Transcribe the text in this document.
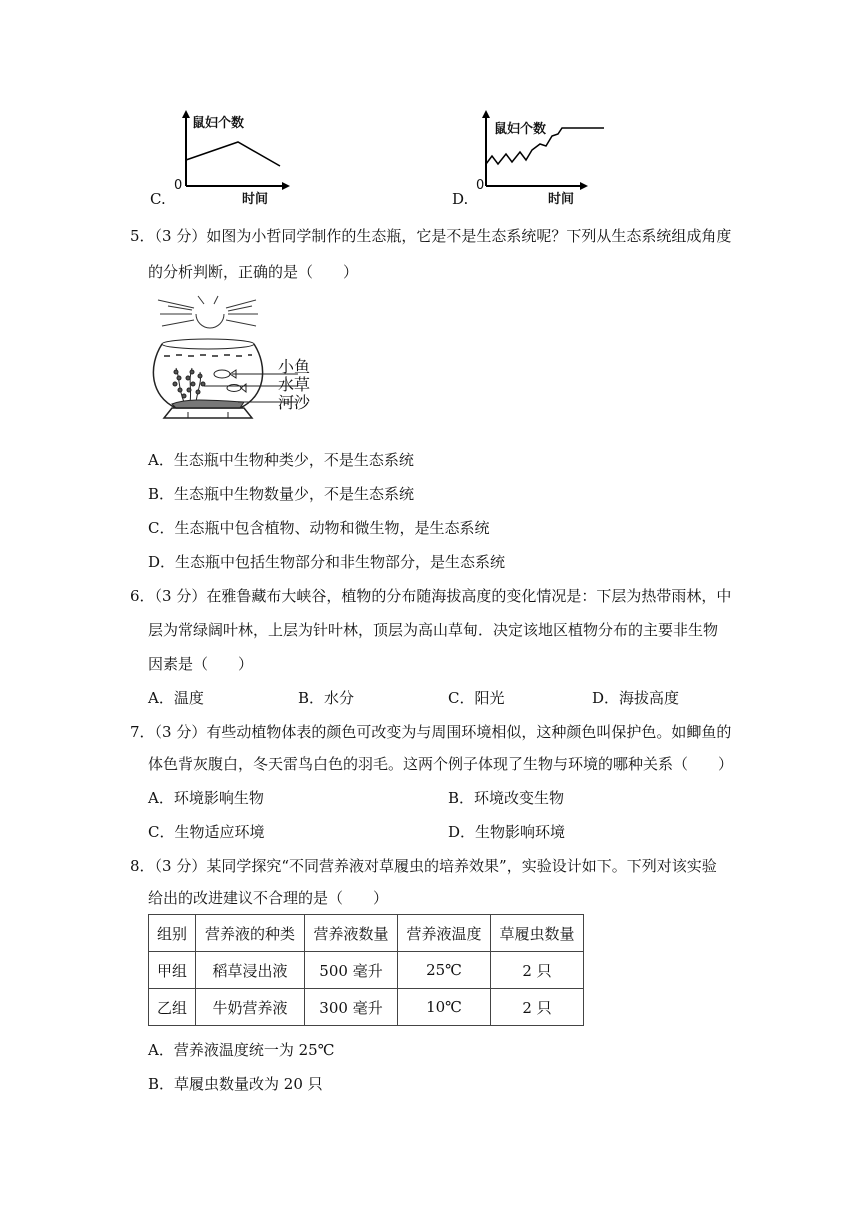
C.
鼠妇个数
时间
0
D.
鼠妇个数
时间
0
5．（3 分）如图为小哲同学制作的生态瓶，它是不是生态系统呢？下列从生态系统组成角度
的分析判断，正确的是（　　）
小鱼
水草
河沙
A．生态瓶中生物种类少，不是生态系统
B．生态瓶中生物数量少，不是生态系统
C．生态瓶中包含植物、动物和微生物，是生态系统
D．生态瓶中包括生物部分和非生物部分，是生态系统
6．（3 分）在雅鲁藏布大峡谷，植物的分布随海拔高度的变化情况是：下层为热带雨林，中
层为常绿阔叶林，上层为针叶林，顶层为高山草甸．决定该地区植物分布的主要非生物
因素是（　　）
A．温度	B．水分	C．阳光	D．海拔高度
7．（3 分）有些动植物体表的颜色可改变为与周围环境相似，这种颜色叫保护色。如鲫鱼的
体色背灰腹白，冬天雷鸟白色的羽毛。这两个例子体现了生物与环境的哪种关系（　　）
A．环境影响生物	B．环境改变生物
C．生物适应环境	D．生物影响环境
8．（3 分）某同学探究“不同营养液对草履虫的培养效果”，实验设计如下。下列对该实验
给出的改进建议不合理的是（　　）
组别	营养液的种类	营养液数量	营养液温度	草履虫数量
甲组	稻草浸出液	500 毫升	25℃	2 只
乙组	牛奶营养液	300 毫升	10℃	2 只
A．营养液温度统一为 25℃
B．草履虫数量改为 20 只
